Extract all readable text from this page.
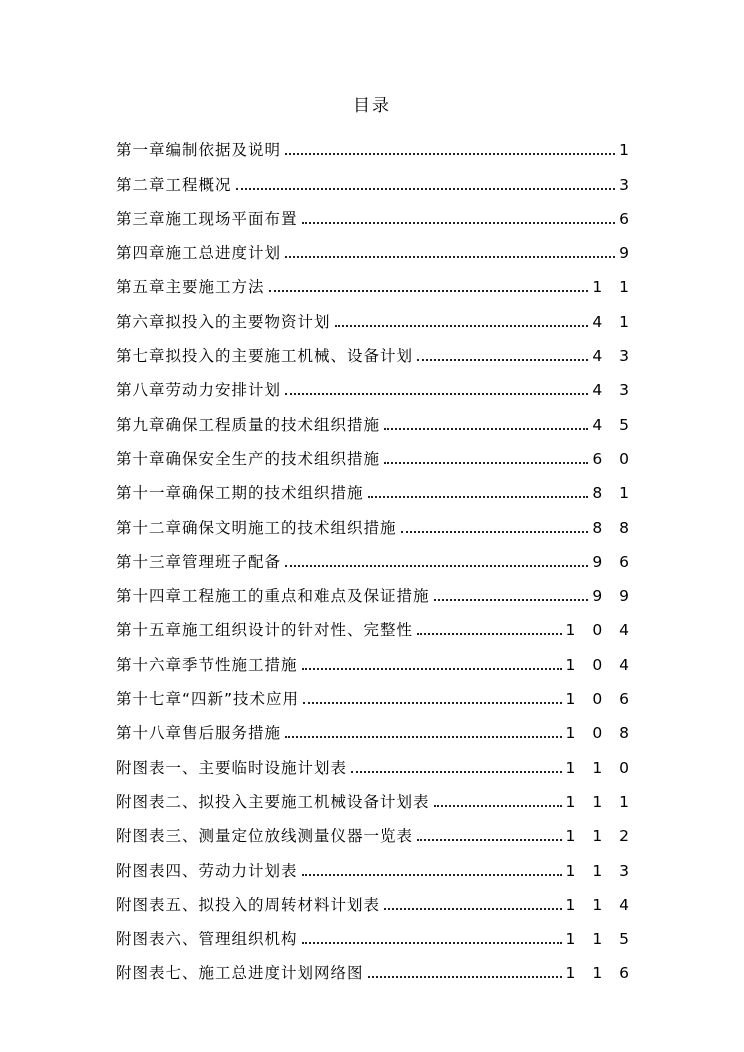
目录
第一章编制依据及说明	1
第二章工程概况	3
第三章施工现场平面布置	6
第四章施工总进度计划	9
第五章主要施工方法	1 1
第六章拟投入的主要物资计划	4 1
第七章拟投入的主要施工机械、设备计划	4 3
第八章劳动力安排计划	4 3
第九章确保工程质量的技术组织措施	4 5
第十章确保安全生产的技术组织措施	6 0
第十一章确保工期的技术组织措施	8 1
第十二章确保文明施工的技术组织措施	8 8
第十三章管理班子配备	9 6
第十四章工程施工的重点和难点及保证措施	9 9
第十五章施工组织设计的针对性、完整性	1 0 4
第十六章季节性施工措施	1 0 4
第十七章“四新”技术应用	1 0 6
第十八章售后服务措施	1 0 8
附图表一、主要临时设施计划表	1 1 0
附图表二、拟投入主要施工机械设备计划表	1 1 1
附图表三、测量定位放线测量仪器一览表	1 1 2
附图表四、劳动力计划表	1 1 3
附图表五、拟投入的周转材料计划表	1 1 4
附图表六、管理组织机构	1 1 5
附图表七、施工总进度计划网络图	1 1 6
